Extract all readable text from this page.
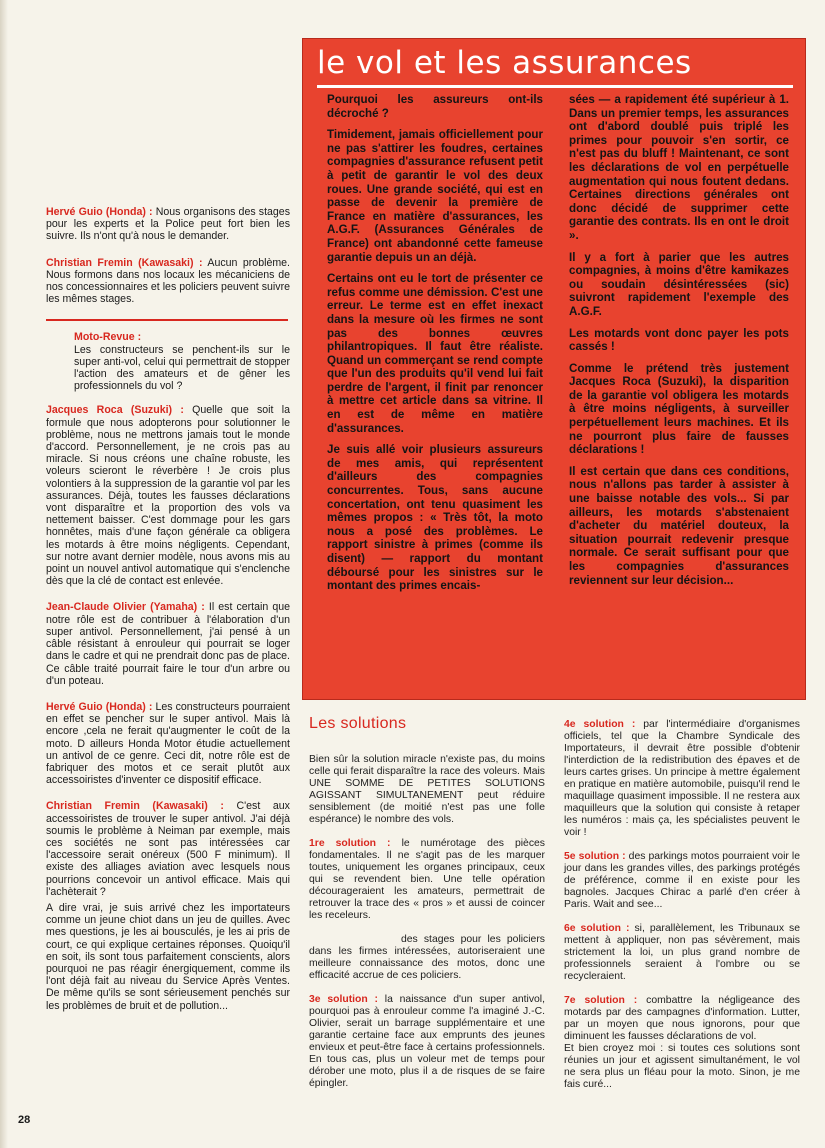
Hervé Guio (Honda) : Nous organisons des stages pour les experts et la Police peut fort bien les suivre. Ils n'ont qu'à nous le demander.

Christian Fremin (Kawasaki) : Aucun problème. Nous formons dans nos locaux les mécaniciens de nos concessionnaires et les policiers peuvent suivre les mêmes stages.

Moto-Revue :
Les constructeurs se penchent-ils sur le super anti-vol, celui qui permettrait de stopper l'action des amateurs et de gêner les professionnels du vol ?

Jacques Roca (Suzuki) : Quelle que soit la formule que nous adopterons pour solutionner le problème, nous ne mettrons jamais tout le monde d'accord. Personnellement, je ne crois pas au miracle. Si nous créons une chaîne robuste, les voleurs scieront le réverbère ! Je crois plus volontiers à la suppression de la garantie vol par les assurances. Déjà, toutes les fausses déclarations vont disparaître et la proportion des vols va nettement baisser. C'est dommage pour les gars honnêtes, mais d'une façon générale ca obligera les motards à être moins négligents. Cependant, sur notre avant dernier modèle, nous avons mis au point un nouvel antivol automatique qui s'enclenche dès que la clé de contact est enlevée.

Jean-Claude Olivier (Yamaha) : Il est certain que notre rôle est de contribuer à l'élaboration d'un super antivol. Personnellement, j'ai pensé à un câble résistant à enrouleur qui pourrait se loger dans le cadre et qui ne prendrait donc pas de place. Ce câble traité pourrait faire le tour d'un arbre ou d'un poteau.

Hervé Guio (Honda) : Les constructeurs pourraient en effet se pencher sur le super antivol. Mais là encore ,cela ne ferait qu'augmenter le coût de la moto. D ailleurs Honda Motor étudie actuellement un antivol de ce genre. Ceci dit, notre rôle est de fabriquer des motos et ce serait plutôt aux accessoiristes d'inventer ce dispositif efficace.

Christian Fremin (Kawasaki) : C'est aux accessoiristes de trouver le super antivol. J'ai déjà soumis le problème à Neiman par exemple, mais ces sociétés ne sont pas intéressées car l'accessoire serait onéreux (500 F minimum). Il existe des alliages aviation avec lesquels nous pourrions concevoir un antivol efficace. Mais qui l'achèterait ?

A dire vrai, je suis arrivé chez les importateurs comme un jeune chiot dans un jeu de quilles. Avec mes questions, je les ai bousculés, je les ai pris de court, ce qui explique certaines réponses. Quoiqu'il en soit, ils sont tous parfaitement conscients, alors pourquoi ne pas réagir énergiquement, comme ils l'ont déjà fait au niveau du Service Après Ventes. De même qu'ils se sont sérieusement penchés sur les problèmes de bruit et de pollution...

le vol et les assurances

Pourquoi les assureurs ont-ils décroché ?

Timidement, jamais officiellement pour ne pas s'attirer les foudres, certaines compagnies d'assurance refusent petit à petit de garantir le vol des deux roues. Une grande société, qui est en passe de devenir la première de France en matière d'assurances, les A.G.F. (Assurances Générales de France) ont abandonné cette fameuse garantie depuis un an déjà.

Certains ont eu le tort de présenter ce refus comme une démission. C'est une erreur. Le terme est en effet inexact dans la mesure où les firmes ne sont pas des bonnes œuvres philantropiques. Il faut être réaliste. Quand un commerçant se rend compte que l'un des produits qu'il vend lui fait perdre de l'argent, il finit par renoncer à mettre cet article dans sa vitrine. Il en est de même en matière d'assurances.

Je suis allé voir plusieurs assureurs de mes amis, qui représentent d'ailleurs des compagnies concurrentes. Tous, sans aucune concertation, ont tenu quasiment les mêmes propos : « Très tôt, la moto nous a posé des problèmes. Le rapport sinistre à primes (comme ils disent) — rapport du montant déboursé pour les sinistres sur le montant des primes encais-

sées — a rapidement été supérieur à 1. Dans un premier temps, les assurances ont d'abord doublé puis triplé les primes pour pouvoir s'en sortir, ce n'est pas du bluff ! Maintenant, ce sont les déclarations de vol en perpétuelle augmentation qui nous foutent dedans. Certaines directions générales ont donc décidé de supprimer cette garantie des contrats. Ils en ont le droit ».

Il y a fort à parier que les autres compagnies, à moins d'être kamikazes ou soudain désintéressées (sic) suivront rapidement l'exemple des A.G.F.

Les motards vont donc payer les pots cassés !

Comme le prétend très justement Jacques Roca (Suzuki), la disparition de la garantie vol obligera les motards à être moins négligents, à surveiller perpétuellement leurs machines. Et ils ne pourront plus faire de fausses déclarations !

Il est certain que dans ces conditions, nous n'allons pas tarder à assister à une baisse notable des vols... Si par ailleurs, les motards s'abstenaient d'acheter du matériel douteux, la situation pourrait redevenir presque normale. Ce serait suffisant pour que les compagnies d'assurances reviennent sur leur décision...

Les solutions

Bien sûr la solution miracle n'existe pas, du moins celle qui ferait disparaître la race des voleurs. Mais UNE SOMME DE PETITES SOLUTIONS AGISSANT SIMULTANEMENT peut réduire sensiblement (de moitié n'est pas une folle espérance) le nombre des vols.

1re solution : le numérotage des pièces fondamentales. Il ne s'agit pas de les marquer toutes, uniquement les organes principaux, ceux qui se revendent bien. Une telle opération décourageraient les amateurs, permettrait de retrouver la trace des « pros » et aussi de coincer les receleurs.

des stages pour les policiers dans les firmes intéressées, autoriseraient une meilleure connaissance des motos, donc une efficacité accrue de ces policiers.

3e solution : la naissance d'un super antivol, pourquoi pas à enrouleur comme l'a imaginé J.-C. Olivier, serait un barrage supplémentaire et une garantie certaine face aux emprunts des jeunes envieux et peut-être face à certains professionnels. En tous cas, plus un voleur met de temps pour dérober une moto, plus il a de risques de se faire épingler.

4e solution : par l'intermédiaire d'organismes officiels, tel que la Chambre Syndicale des Importateurs, il devrait être possible d'obtenir l'interdiction de la redistribution des épaves et de leurs cartes grises. Un principe à mettre également en pratique en matière automobile, puisqu'il rend le maquillage quasiment impossible. Il ne restera aux maquilleurs que la solution qui consiste à retaper les numéros : mais ça, les spécialistes peuvent le voir !

5e solution : des parkings motos pourraient voir le jour dans les grandes villes, des parkings protégés de préférence, comme il en existe pour les bagnoles. Jacques Chirac a parlé d'en créer à Paris. Wait and see...

6e solution : si, parallèlement, les Tribunaux se mettent à appliquer, non pas sévèrement, mais strictement la loi, un plus grand nombre de professionnels seraient à l'ombre ou se recycleraient.

7e solution : combattre la négligeance des motards par des campagnes d'information. Lutter, par un moyen que nous ignorons, pour que diminuent les fausses déclarations de vol.

Et bien croyez moi : si toutes ces solutions sont réunies un jour et agissent simultanément, le vol ne sera plus un fléau pour la moto. Sinon, je me fais curé...

28
